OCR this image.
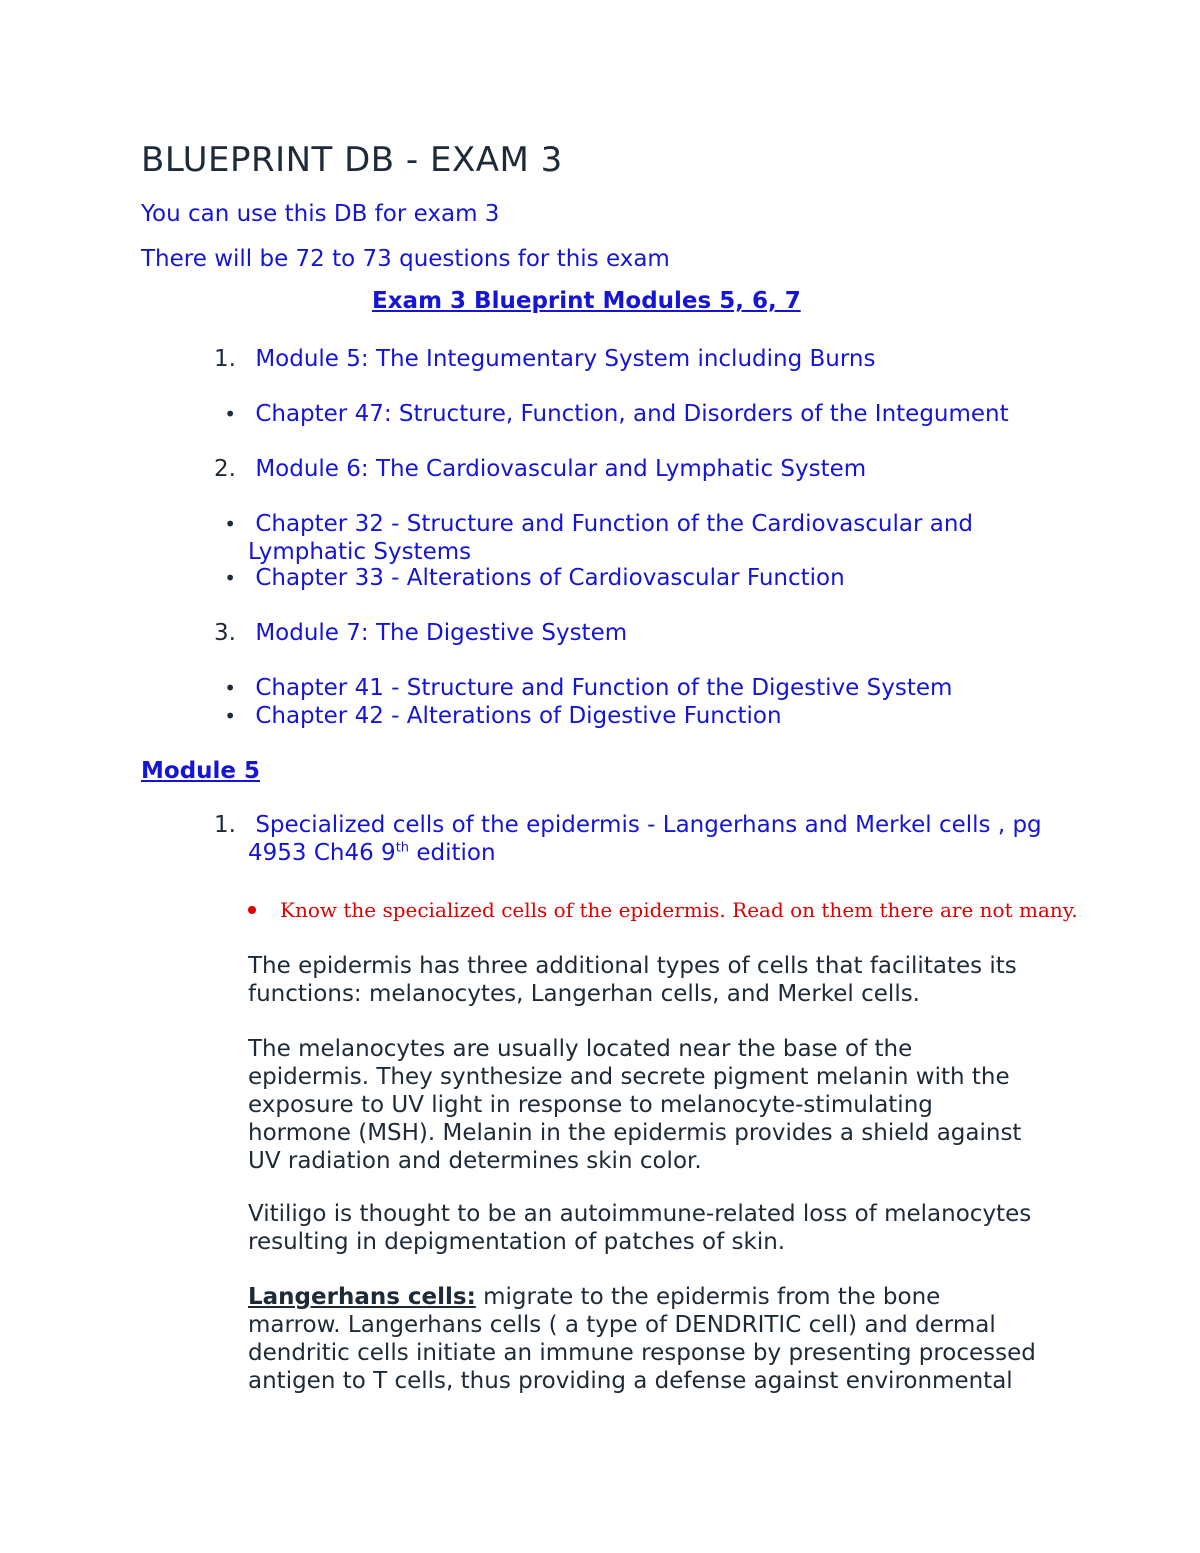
BLUEPRINT DB - EXAM 3
You can use this DB for exam 3
There will be 72 to 73 questions for this exam
Exam 3 Blueprint Modules 5, 6, 7
1. Module 5: The Integumentary System including Burns
• Chapter 47: Structure, Function, and Disorders of the Integument
2. Module 6: The Cardiovascular and Lymphatic System
• Chapter 32 - Structure and Function of the Cardiovascular and
Lymphatic Systems
• Chapter 33 - Alterations of Cardiovascular Function
3. Module 7: The Digestive System
• Chapter 41 - Structure and Function of the Digestive System
• Chapter 42 - Alterations of Digestive Function
Module 5
1. Specialized cells of the epidermis - Langerhans and Merkel cells , pg
4953 Ch46 9th edition
Know the specialized cells of the epidermis. Read on them there are not many.
The epidermis has three additional types of cells that facilitates its
functions: melanocytes, Langerhan cells, and Merkel cells.
The melanocytes are usually located near the base of the
epidermis. They synthesize and secrete pigment melanin with the
exposure to UV light in response to melanocyte-stimulating
hormone (MSH). Melanin in the epidermis provides a shield against
UV radiation and determines skin color.
Vitiligo is thought to be an autoimmune-related loss of melanocytes
resulting in depigmentation of patches of skin.
Langerhans cells: migrate to the epidermis from the bone
marrow. Langerhans cells ( a type of DENDRITIC cell) and dermal
dendritic cells initiate an immune response by presenting processed
antigen to T cells, thus providing a defense against environmental
